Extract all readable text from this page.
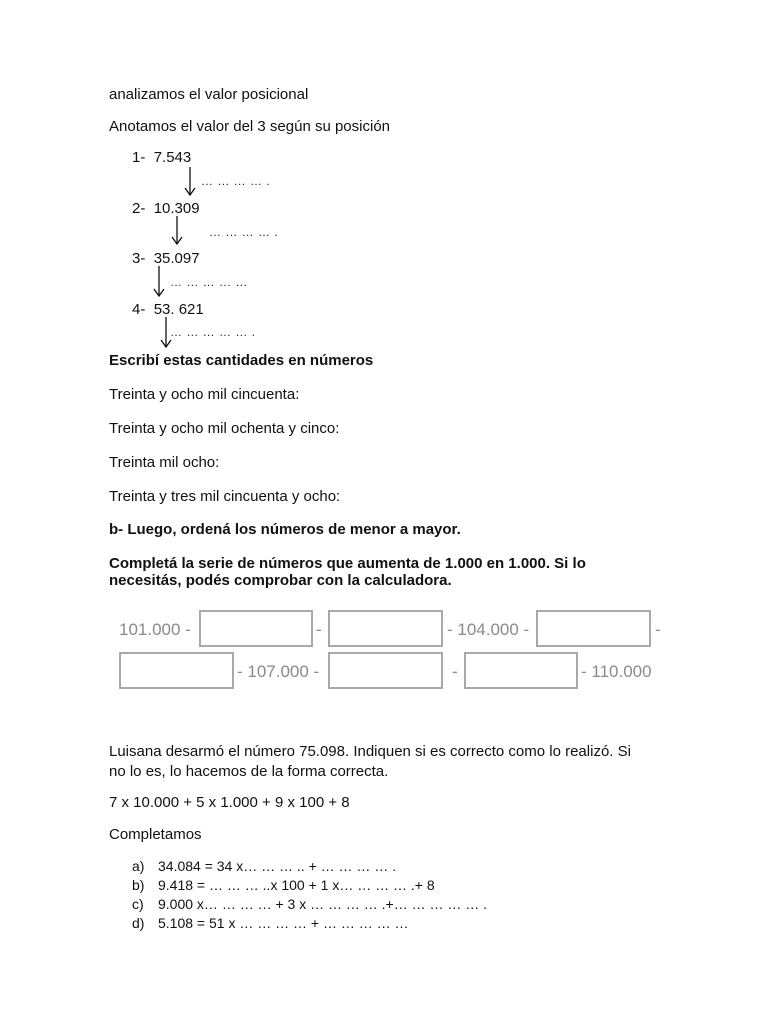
analizamos el valor posicional
Anotamos el valor del 3 según su posición
1- 7.543
… … … … .
2- 10.309
… … … … .
3- 35.097
… … … … …
4- 53. 621
… … … … … .
Escribí estas cantidades en números
Treinta y ocho mil cincuenta:
Treinta y ocho mil ochenta y cinco:
Treinta mil ocho:
Treinta y tres mil cincuenta y ocho:
b- Luego, ordená los números de menor a mayor.
Completá la serie de números que aumenta de 1.000 en 1.000. Si lo
necesitás, podés comprobar con la calculadora.
101.000 -	-	- 104.000 -	-
- 107.000 -	-	- 110.000
Luisana desarmó el número 75.098. Indiquen si es correcto como lo realizó. Si
no lo es, lo hacemos de la forma correcta.
7 x 10.000 + 5 x 1.000 + 9 x 100 + 8
Completamos
a) 34.084 = 34 x… … … .. + … … … … .
b) 9.418 = … … … ..x 100 + 1 x… … … … .+ 8
c) 9.000 x… … … … + 3 x … … … … .+… … … … … .
d) 5.108 = 51 x … … … … + … … … … …
